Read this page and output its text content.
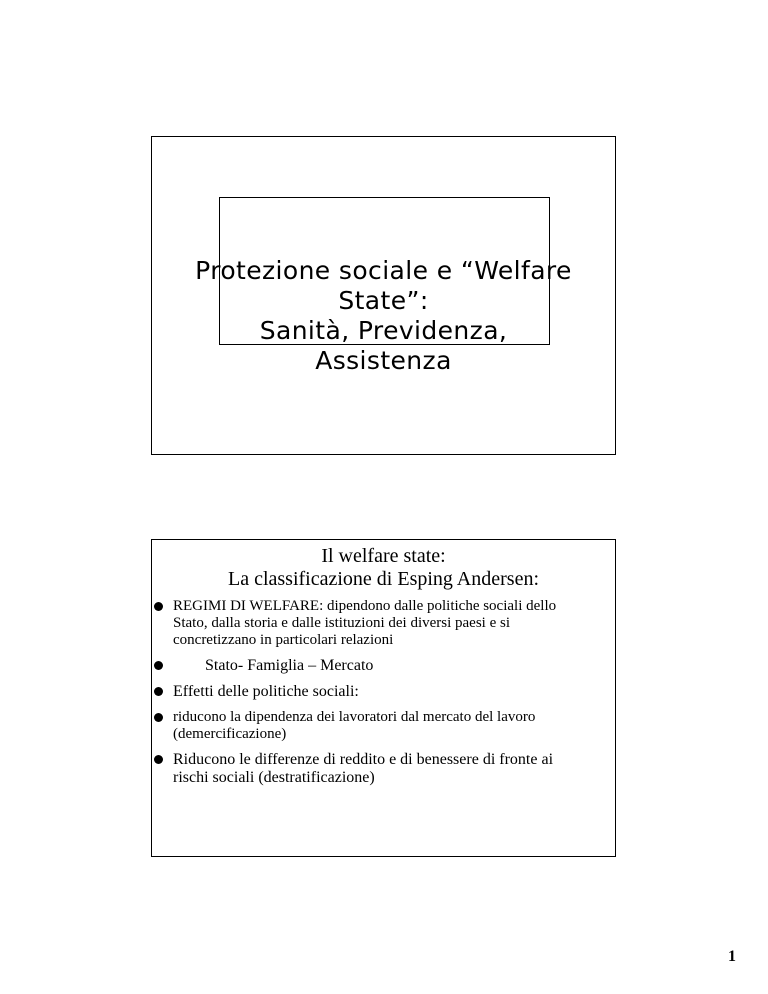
Protezione sociale e “Welfare
State”:
Sanità, Previdenza,
Assistenza
Il welfare state:
La classificazione di Esping Andersen:
REGIMI DI WELFARE: dipendono dalle politiche sociali dello Stato, dalla storia e dalle istituzioni dei diversi paesi e si concretizzano in particolari relazioni
Stato- Famiglia – Mercato
Effetti delle politiche sociali:
riducono la dipendenza dei lavoratori dal mercato del lavoro (demercificazione)
Riducono le differenze di reddito e di benessere di fronte ai rischi sociali (destratificazione)
1
